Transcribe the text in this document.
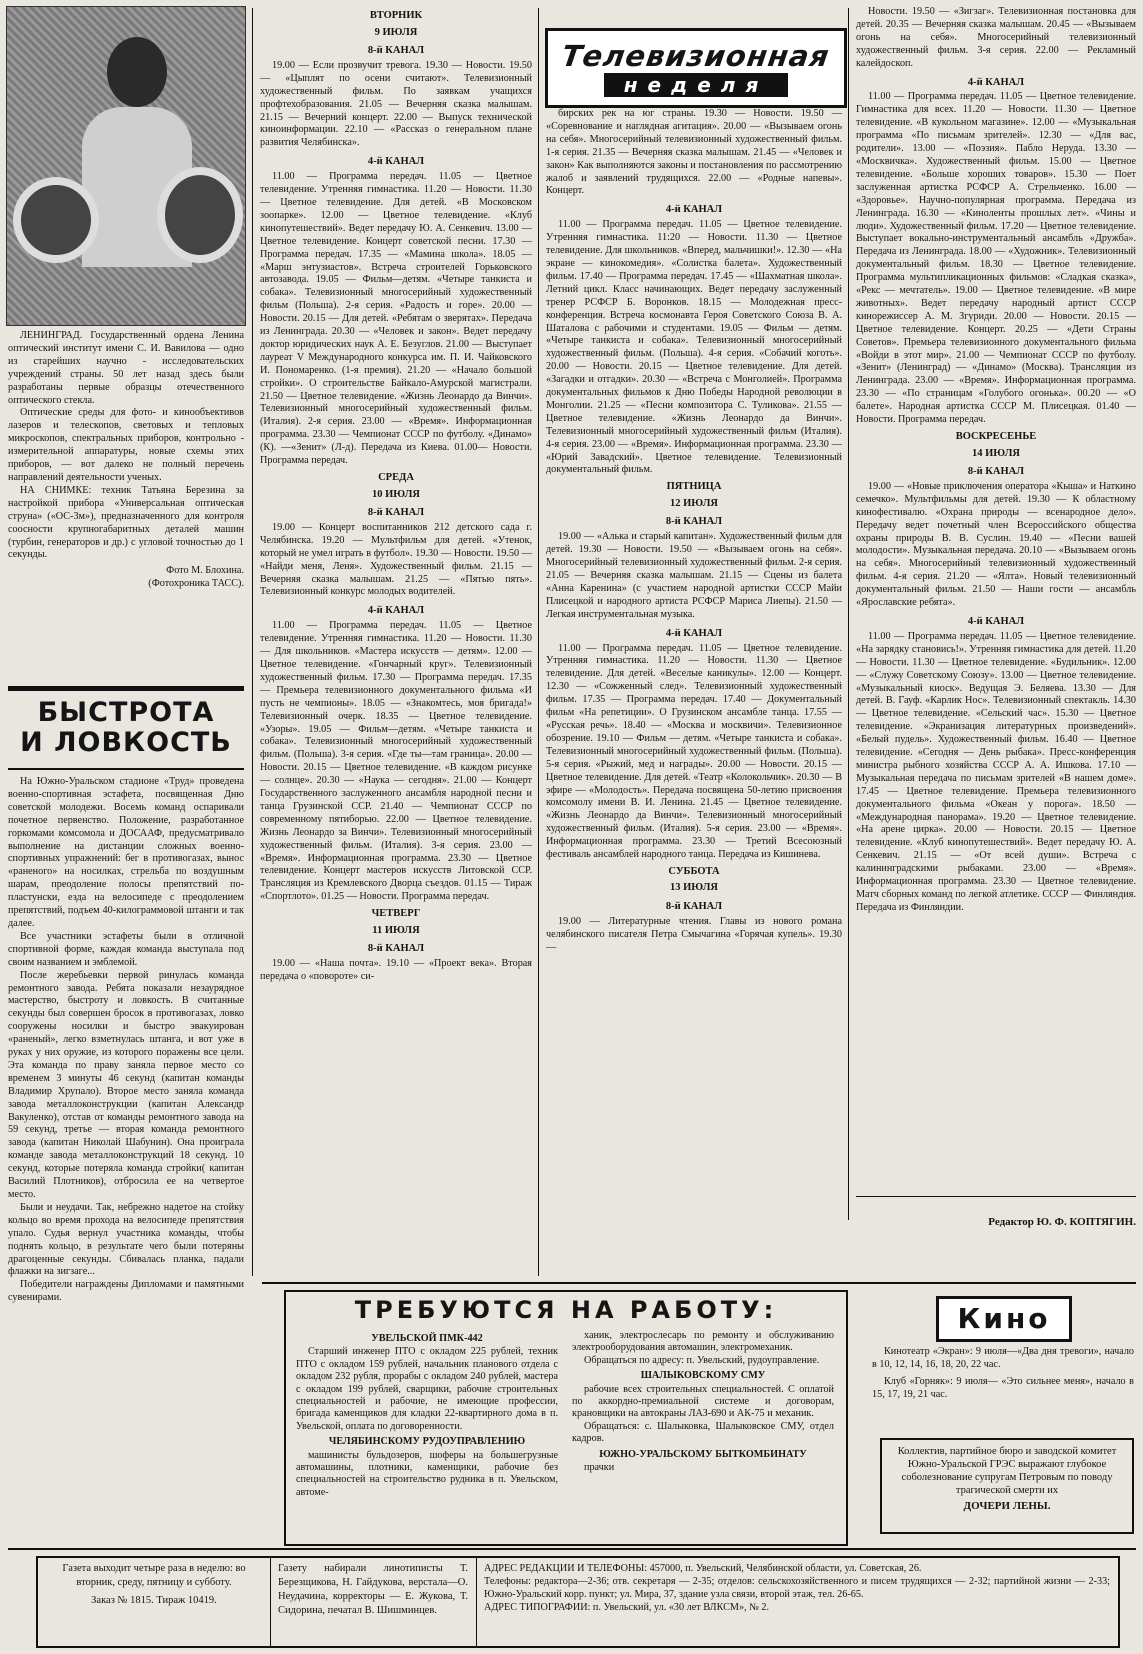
ЛЕНИНГРАД. Государственный ордена Ленина оптический институт имени С. И. Вавилова — одно из старейших научно - исследовательских учреждений страны. 50 лет назад здесь были разработаны первые образцы отечественного оптического стекла.

Оптические среды для фото- и кинообъективов лазеров и телескопов, световых и тепловых микроскопов, спектральных приборов, контрольно - измерительной аппаратуры, новые схемы этих приборов, — вот далеко не полный перечень направлений деятельности ученых.

НА СНИМКЕ: техник Татьяна Березина за настройкой прибора «Универсальная оптическая струна» («ОС-3м»), предназначенного для контроля соосности крупногабаритных деталей машин (турбин, генераторов и др.) с угловой точностью до 1 секунды.

Фото М. Блохина.
(Фотохроника ТАСС).
БЫСТРОТА
И ЛОВКОСТЬ

На Южно-Уральском стадионе «Труд» проведена военно-спортивная эстафета, посвященная Дню советской молодежи. Восемь команд оспаривали почетное первенство. Положение, разработанное горкомами комсомола и ДОСААФ, предусматривало выполнение на дистанции сложных военно-спортивных упражнений: бег в противогазах, вынос «раненого» на носилках, стрельба по воздушным шарам, преодоление полосы препятствий по-пластунски, езда на велосипеде с преодолением препятствий, подъем 40-килограммовой штанги и так далее.

Все участники эстафеты были в отличной спортивной форме, каждая команда выступала под своим названием и эмблемой.

После жеребьевки первой ринулась команда ремонтного завода. Ребята показали незаурядное мастерство, быстроту и ловкость. В считанные секунды был совершен бросок в противогазах, ловко сооружены носилки и быстро эвакуирован «раненый», легко взметнулась штанга, и вот уже в руках у них оружие, из которого поражены все цели. Эта команда по праву заняла первое место со временем 3 минуты 46 секунд (капитан команды Владимир Хрупало). Второе место заняла команда завода металлоконструкции (капитан Александр Вакуленко), отстав от команды ремонтного завода на 59 секунд, третье — вторая команда ремонтного завода (капитан Николай Шабунин). Она проиграла команде завода металлоконструкций 18 секунд. 10 секунд, которые потеряла команда стройки( капитан Василий Плотников), отбросила ее на четвертое место.

Были и неудачи. Так, небрежно надетое на стойку кольцо во время прохода на велосипеде препятствия упало. Судья вернул участника команды, чтобы поднять кольцо, в результате чего были потеряны драгоценные секунды. Сбивалась планка, падали флажки на зигзаге...

Победители награждены Дипломами и памятными сувенирами.

ВТОРНИК
9 ИЮЛЯ
8-й КАНАЛ

19.00 — Если прозвучит тревога. 19.30 — Новости. 19.50 — «Цыплят по осени считают». Телевизионный художественный фильм. По заявкам учащихся профтехобразования. 21.05 — Вечерняя сказка малышам. 21.15 — Вечерний концерт. 22.00 — Выпуск технической киноинформации. 22.10 — «Рассказ о генеральном плане развития Челябинска».

4-й КАНАЛ

11.00 — Программа передач. 11.05 — Цветное телевидение. Утренняя гимнастика. 11.20 — Новости. 11.30 — Цветное телевидение. Для детей. «В Московском зоопарке». 12.00 — Цветное телевидение. «Клуб кинопутешествий». Ведет передачу Ю. А. Сенкевич. 13.00 — Цветное телевидение. Концерт советской песни. 17.30 — Программа передач. 17.35 — «Мамина школа». 18.05 — «Марш энтузиастов». Встреча строителей Горьковского автозавода. 19.05 — Фильм—детям. «Четыре танкиста и собака». Телевизионный многосерийный художественный фильм (Польша). 2-я серия. «Радость и горе». 20.00 — Новости. 20.15 — Для детей. «Ребятам о зверятах». Передача из Ленинграда. 20.30 — «Человек и закон». Ведет передачу доктор юридических наук А. Е. Безуглов. 21.00 — Выступает лауреат V Международного конкурса им. П. И. Чайковского И. Пономаренко. (1-я премия). 21.20 — «Начало большой стройки». О строительстве Байкало-Амурской магистрали. 21.50 — Цветное телевидение. «Жизнь Леонардо да Винчи». Телевизионный многосерийный художественный фильм. (Италия). 2-я серия. 23.00 — «Время». Информационная программа. 23.30 — Чемпионат СССР по футболу. «Динамо» (К). —«Зенит» (Л-д). Передача из Киева. 01.00— Новости. Программа передач.

СРЕДА
10 ИЮЛЯ
8-й КАНАЛ

19.00 — Концерт воспитанников 212 детского сада г. Челябинска. 19.20 — Мультфильм для детей. «Утенок, который не умел играть в футбол». 19.30 — Новости. 19.50 — «Найди меня, Леня». Художественный фильм. 21.15 — Вечерняя сказка малышам. 21.25 — «Пятью пять». Телевизионный конкурс молодых водителей.

4-й КАНАЛ

11.00 — Программа передач. 11.05 — Цветное телевидение. Утренняя гимнастика. 11.20 — Новости. 11.30 — Для школьников. «Мастера искусств — детям». 12.00 — Цветное телевидение. «Гончарный круг». Телевизионный художественный фильм. 17.30 — Программа передач. 17.35 — Премьера телевизионного документального фильма «И пусть не чемпионы». 18.05 — «Знакомтесь, моя бригада!» Телевизионный очерк. 18.35 — Цветное телевидение. «Узоры». 19.05 — Фильм—детям. «Четыре танкиста и собака». Телевизионный многосерийный художественный фильм. (Польша). 3-я серия. «Где ты—там граница». 20.00 — Новости. 20.15 — Цветное телевидение. «В каждом рисунке — солнце». 20.30 — «Наука — сегодня». 21.00 — Концерт Государственного заслуженного ансамбля народной песни и танца Грузинской ССР. 21.40 — Чемпионат СССР по современному пятиборью. 22.00 — Цветное телевидение. Жизнь Леонардо за Винчи». Телевизионный многосерийный художественный фильм. (Италия). 3-я серия. 23.00 — «Время». Информационная программа. 23.30 — Цветное телевидение. Концерт мастеров искусств Литовской ССР. Трансляция из Кремлевского Дворца съездов. 01.15 — Тираж «Спортлото». 01.25 — Новости. Программа передач.

ЧЕТВЕРГ
11 ИЮЛЯ
8-й КАНАЛ

19.00 — «Наша почта». 19.10 — «Проект века». Вторая передача о «повороте» си-

Телевизионная
неделя

бирских рек на юг страны. 19.30 — Новости. 19.50 — «Соревнование и наглядная агитация». 20.00 — «Вызываем огонь на себя». Многосерийный телевизионный художественный фильм. 1-я серия. 21.35 — Вечерняя сказка малышам. 21.45 — «Человек и закон» Как выполняются законы и постановления по рассмотрению жалоб и заявлений трудящихся. 22.00 — «Родные напевы». Концерт.

4-й КАНАЛ

11.00 — Программа передач. 11.05 — Цветное телевидение. Утренняя гимнастика. 11:20 — Новости. 11.30 — Цветное телевидение. Для школьников. «Вперед, мальчишки!». 12.30 — «На экране — кинокомедия». «Солистка балета». Художественный фильм. 17.40 — Программа передач. 17.45 — «Шахматная школа». Летний цикл. Класс начинающих. Ведет передачу заслуженный тренер РСФСР Б. Воронков. 18.15 — Молодежная пресс-конференция. Встреча космонавта Героя Советского Союза В. А. Шаталова с рабочими и студентами. 19.05 — Фильм — детям. «Четыре танкиста и собака». Телевизионный многосерийный художественный фильм. (Польша). 4-я серия. «Собачий коготь». 20.00 — Новости. 20.15 — Цветное телевидение. Для детей. «Загадки и отгадки». 20.30 — «Встреча с Монголией». Программа документальных фильмов к Дню Победы Народной революции в Монголии. 21.25 — «Песни композитора С. Туликова». 21.55 — Цветное телевидение. «Жизнь Леонардо да Винчи». Телевизионный многосерийный художественный фильм (Италия). 4-я серия. 23.00 — «Время». Информационная программа. 23.30 — «Юрий Завадский». Цветное телевидение. Телевизионный документальный фильм.

ПЯТНИЦА
12 ИЮЛЯ
8-й КАНАЛ

19.00 — «Алька и старый капитан». Художественный фильм для детей. 19.30 — Новости. 19.50 — «Вызываем огонь на себя». Многосерийный телевизионный художественный фильм. 2-я серия. 21.05 — Вечерняя сказка малышам. 21.15 — Сцены из балета «Анна Каренина» (с участием народной артистки СССР Майи Плисецкой и народного артиста РСФСР Мариса Лиепы). 21.50 — Легкая инструментальная музыка.

4-й КАНАЛ

11.00 — Программа передач. 11.05 — Цветное телевидение. Утренняя гимнастика. 11.20 — Новости. 11.30 — Цветное телевидение. Для детей. «Веселые каникулы». 12.00 — Концерт. 12.30 — «Сожженный след». Телевизионный художественный фильм. 17.35 — Программа передач. 17.40 — Документальный фильм «На репетиции». О Грузинском ансамбле танца. 17.55 — «Русская речь». 18.40 — «Москва и москвичи». Телевизионное обозрение. 19.10 — Фильм — детям. «Четыре танкиста и собака». Телевизионный многосерийный художественный фильм. (Польша). 5-я серия. «Рыжий, мед и награды». 20.00 — Новости. 20.15 — Цветное телевидение. Для детей. «Театр «Колокольчик». 20.30 — В эфире — «Молодость». Передача посвящена 50-летию присвоения комсомолу имени В. И. Ленина. 21.45 — Цветное телевидение. «Жизнь Леонардо да Винчи». Телевизионный многосерийный художественный фильм. (Италия). 5-я серия. 23.00 — «Время». Информационная программа. 23.30 — Третий Всесоюзный фестиваль ансамблей народного танца. Передача из Кишинева.

СУББОТА
13 ИЮЛЯ
8-й КАНАЛ

19.00 — Литературные чтения. Главы из нового романа челябинского писателя Петра Смычагина «Горячая купель». 19.30 —

Новости. 19.50 — «Зигзаг». Телевизионная постановка для детей. 20.35 — Вечерняя сказка малышам. 20.45 — «Вызываем огонь на себя». Многосерийный телевизионный художественный фильм. 3-я серия. 22.00 — Рекламный калейдоскоп.

4-й КАНАЛ

11.00 — Программа передач. 11.05 — Цветное телевидение. Гимнастика для всех. 11.20 — Новости. 11.30 — Цветное телевидение. «В кукольном магазине». 12.00 — «Музыкальная программа «По письмам зрителей». 12.30 — «Для вас, родители». 13.00 — «Поэзия». Пабло Неруда. 13.30 — «Москвичка». Художественный фильм. 15.00 — Цветное телевидение. «Больше хороших товаров». 15.30 — Поет заслуженная артистка РСФСР А. Стрельченко. 16.00 — «Здоровье». Научно-популярная программа. Передача из Ленинграда. 16.30 — «Киноленты прошлых лет». «Чины и люди». Художественный фильм. 17.20 — Цветное телевидение. Выступает вокально-инструментальный ансамбль «Дружба». Передача из Ленинграда. 18.00 — «Художник». Телевизионный документальный фильм. 18.30 — Цветное телевидение. Программа мультипликационных фильмов: «Сладкая сказка», «Рекс — мечтатель». 19.00 — Цветное телевидение. «В мире животных». Ведет передачу народный артист СССР кинорежиссер А. М. Згуриди. 20.00 — Новости. 20.15 — Цветное телевидение. Концерт. 20.25 — «Дети Страны Советов». Премьера телевизионного документального фильма «Войди в этот мир». 21.00 — Чемпионат СССР по футболу. «Зенит» (Ленинград) — «Динамо» (Москва). Трансляция из Ленинграда. 23.00 — «Время». Информационная программа. 23.30 — «По страницам «Голубого огонька». 00.20 — «О балете». Народная артистка СССР М. Плисецкая. 01.40 — Новости. Программа передач.

ВОСКРЕСЕНЬЕ
14 ИЮЛЯ
8-й КАНАЛ

19.00 — «Новые приключения оператора «Кыша» и Наткино семечко». Мультфильмы для детей. 19.30 — К областному кинофестивалю. «Охрана природы — всенародное дело». Передачу ведет почетный член Всероссийского общества охраны природы В. В. Суслин. 19.40 — «Песни вашей молодости». Музыкальная передача. 20.10 — «Вызываем огонь на себя». Многосерийный телевизионный художественный фильм. 4-я серия. 21.20 — «Ялта». Новый телевизионный документальный фильм. 21.50 — Наши гости — ансамбль «Ярославские ребята».

4-й КАНАЛ

11.00 — Программа передач. 11.05 — Цветное телевидение. «На зарядку становись!». Утренняя гимнастика для детей. 11.20 — Новости. 11.30 — Цветное телевидение. «Будильник». 12.00 — «Служу Советскому Союзу». 13.00 — Цветное телевидение. «Музыкальный киоск». Ведущая Э. Беляева. 13.30 — Для детей. В. Гауф. «Карлик Нос». Телевизионный спектакль. 14.30 — Цветное телевидение. «Сельский час». 15.30 — Цветное телевидение. «Экранизация литературных произведений». «Белый пудель». Художественный фильм. 16.40 — Цветное телевидение. «Сегодня — День рыбака». Пресс-конференция министра рыбного хозяйства СССР А. А. Ишкова. 17.10 — Музыкальная передача по письмам зрителей «В нашем доме». 17.45 — Цветное телевидение. Премьера телевизионного документального фильма «Океан у порога». 18.50 — «Международная панорама». 19.20 — Цветное телевидение. «На арене цирка». 20.00 — Новости. 20.15 — Цветное телевидение. «Клуб кинопутешествий». Ведет передачу Ю. А. Сенкевич. 21.15 — «От всей души». Встреча с калининградскими рыбаками. 23.00 — «Время». Информационная программа. 23.30 — Цветное телевидение. Матч сборных команд по легкой атлетике. СССР — Финляндия. Передача из Финляндии.

Редактор Ю. Ф. КОПТЯГИН.
ТРЕБУЮТСЯ НА РАБОТУ:
УВЕЛЬСКОЙ ПМК-442

Старший инженер ПТО с окладом 225 рублей, техник ПТО с окладом 159 рублей, начальник планового отдела с окладом 232 рубля, прорабы с окладом 240 рублей, мастера с окладом 199 рублей, сварщики, рабочие строительных специальностей и рабочие, не имеющие профессии, бригада каменщиков для кладки 22-квартирного дома в п. Увельской, оплата по договоренности.

ЧЕЛЯБИНСКОМУ РУДОУПРАВЛЕНИЮ

машинисты бульдозеров, шоферы на большегрузные автомашины, плотники, каменщики, рабочие без специальностей на строительство рудника в п. Увельском, автоме-

ханик, электрослесарь по ремонту и обслуживанию электрооборудования автомашин, электромеханик.

Обращаться по адресу: п. Увельский, рудоуправление.

ШАЛЫКОВСКОМУ СМУ

рабочие всех строительных специальностей. С оплатой по аккордно-премиальной системе и договорам, крановщики на автокраны ЛАЗ-690 и АК-75 и механик.

Обращаться: с. Шалыковка, Шалыковское СМУ, отдел кадров.

ЮЖНО-УРАЛЬСКОМУ БЫТКОМБИНАТУ

прачки

Кино

Кинотеатр «Экран»: 9 июля—«Два дня тревоги», начало в 10, 12, 14, 16, 18, 20, 22 час.

Клуб «Горняк»: 9 июля— «Это сильнее меня», начало в 15, 17, 19, 21 час.

Коллектив, партийное бюро и заводской комитет Южно-Уральской ГРЭС выражают глубокое соболезнование супругам Петровым по поводу трагической смерти их
ДОЧЕРИ ЛЕНЫ.
Газета выходит четыре раза в неделю: во вторник, среду, пятницу и субботу.
Заказ № 1815. Тираж 10419.
Газету набирали линотиписты Т. Березщикова, Н. Гайдукова, верстала—О. Неудачина, корректоры — Е. Жукова, Т. Сидорина, печатал В. Шишминцев.
АДРЕС РЕДАКЦИИ И ТЕЛЕФОНЫ: 457000, п. Увельский, Челябинской области, ул. Советская, 26.
Телефоны: редактора—2-36; отв. секретаря — 2-35; отделов: сельскохозяйственного и писем трудящихся — 2-32; партийной жизни — 2-33; Южно-Уральский корр. пункт; ул. Мира, 37, здание узла связи, второй этаж, тел. 26-65.
АДРЕС ТИПОГРАФИИ: п. Увельский, ул. «30 лет ВЛКСМ», № 2.
